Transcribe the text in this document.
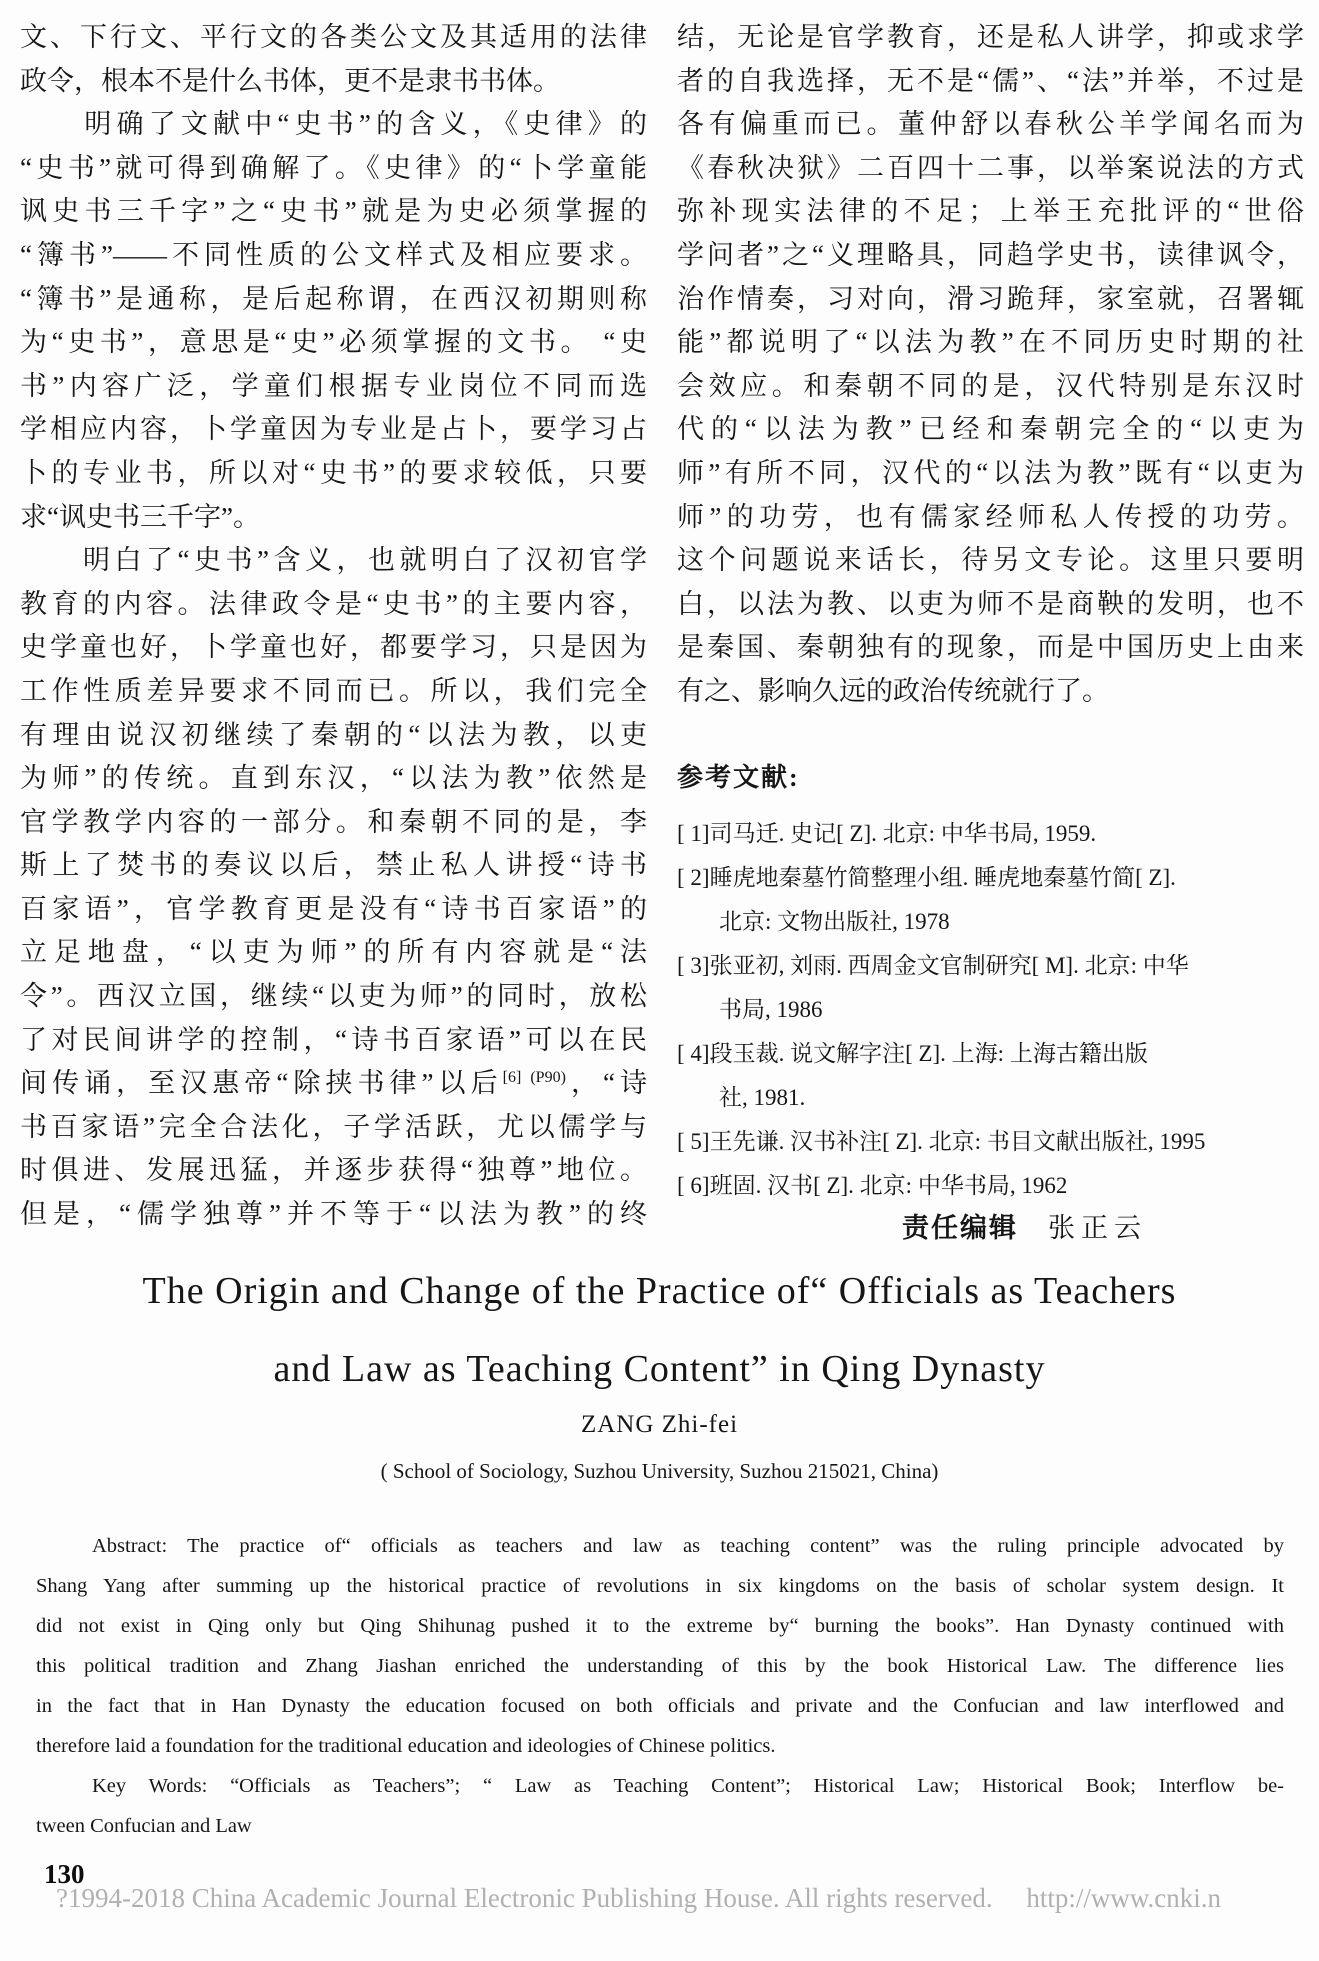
文、下行文、平行文的各类公文及其适用的法律
政令，根本不是什么书体，更不是隶书书体。
　　明确了文献中“史书”的含义，《史律》的
“史书”就可得到确解了。《史律》的“卜学童能
讽史书三千字”之“史书”就是为史必须掌握的
“簿书”——不同性质的公文样式及相应要求。
“簿书”是通称，是后起称谓，在西汉初期则称
为“史书”，意思是“史”必须掌握的文书。 “史
书”内容广泛，学童们根据专业岗位不同而选
学相应内容，卜学童因为专业是占卜，要学习占
卜的专业书，所以对“史书”的要求较低，只要
求“讽史书三千字”。
　　明白了“史书”含义，也就明白了汉初官学
教育的内容。法律政令是“史书”的主要内容，
史学童也好，卜学童也好，都要学习，只是因为
工作性质差异要求不同而已。所以，我们完全
有理由说汉初继续了秦朝的“以法为教，以吏
为师”的传统。直到东汉，“以法为教”依然是
官学教学内容的一部分。和秦朝不同的是，李
斯上了焚书的奏议以后，禁止私人讲授“诗书
百家语”，官学教育更是没有“诗书百家语”的
立足地盘，“以吏为师”的所有内容就是“法
令”。西汉立国，继续“以吏为师”的同时，放松
了对民间讲学的控制，“诗书百家语”可以在民
间传诵，至汉惠帝“除挟书律”以后$^{[6] (P90)}$，“诗
书百家语”完全合法化，子学活跃，尤以儒学与
时俱进、发展迅猛，并逐步获得“独尊”地位。
但是，“儒学独尊”并不等于“以法为教”的终
结，无论是官学教育，还是私人讲学，抑或求学
者的自我选择，无不是“儒”、“法”并举，不过是
各有偏重而已。董仲舒以春秋公羊学闻名而为
《春秋决狱》二百四十二事，以举案说法的方式
弥补现实法律的不足；上举王充批评的“世俗
学问者”之“义理略具，同趋学史书，读律讽令，
治作情奏，习对向，滑习跪拜，家室就，召署辄
能”都说明了“以法为教”在不同历史时期的社
会效应。和秦朝不同的是，汉代特别是东汉时
代的“以法为教”已经和秦朝完全的“以吏为
师”有所不同，汉代的“以法为教”既有“以吏为
师”的功劳，也有儒家经师私人传授的功劳。
这个问题说来话长，待另文专论。这里只要明
白，以法为教、以吏为师不是商鞅的发明，也不
是秦国、秦朝独有的现象，而是中国历史上由来
有之、影响久远的政治传统就行了。
参考文献:
[ 1]司马迁. 史记[ Z]. 北京: 中华书局, 1959.
[ 2]睡虎地秦墓竹简整理小组. 睡虎地秦墓竹简[ Z].
北京: 文物出版社, 1978
[ 3]张亚初, 刘雨. 西周金文官制研究[ M]. 北京: 中华
书局, 1986
[ 4]段玉裁. 说文解字注[ Z]. 上海: 上海古籍出版
社, 1981.
[ 5]王先谦. 汉书补注[ Z]. 北京: 书目文献出版社, 1995
[ 6]班固. 汉书[ Z]. 北京: 中华书局, 1962
责任编辑 张正云
The Origin and Change of the Practice of“ Officials as Teachers
and Law as Teaching Content” in Qing Dynasty
ZANG Zhi-fei
( School of Sociology, Suzhou University, Suzhou 215021, China)
Abstract: The practice of“ officials as teachers and law as teaching content” was the ruling principle advocated by
Shang Yang after summing up the historical practice of revolutions in six kingdoms on the basis of scholar system design. It
did not exist in Qing only but Qing Shihunag pushed it to the extreme by“ burning the books”. Han Dynasty continued with
this political tradition and Zhang Jiashan enriched the understanding of this by the book Historical Law. The difference lies
in the fact that in Han Dynasty the education focused on both officials and private and the Confucian and law interflowed and
therefore laid a foundation for the traditional education and ideologies of Chinese politics.
Key Words: “Officials as Teachers”; “ Law as Teaching Content”; Historical Law; Historical Book; Interflow be-
tween Confucian and Law
130
?1994-2018 China Academic Journal Electronic Publishing House. All rights reserved.     http://www.cnki.n
